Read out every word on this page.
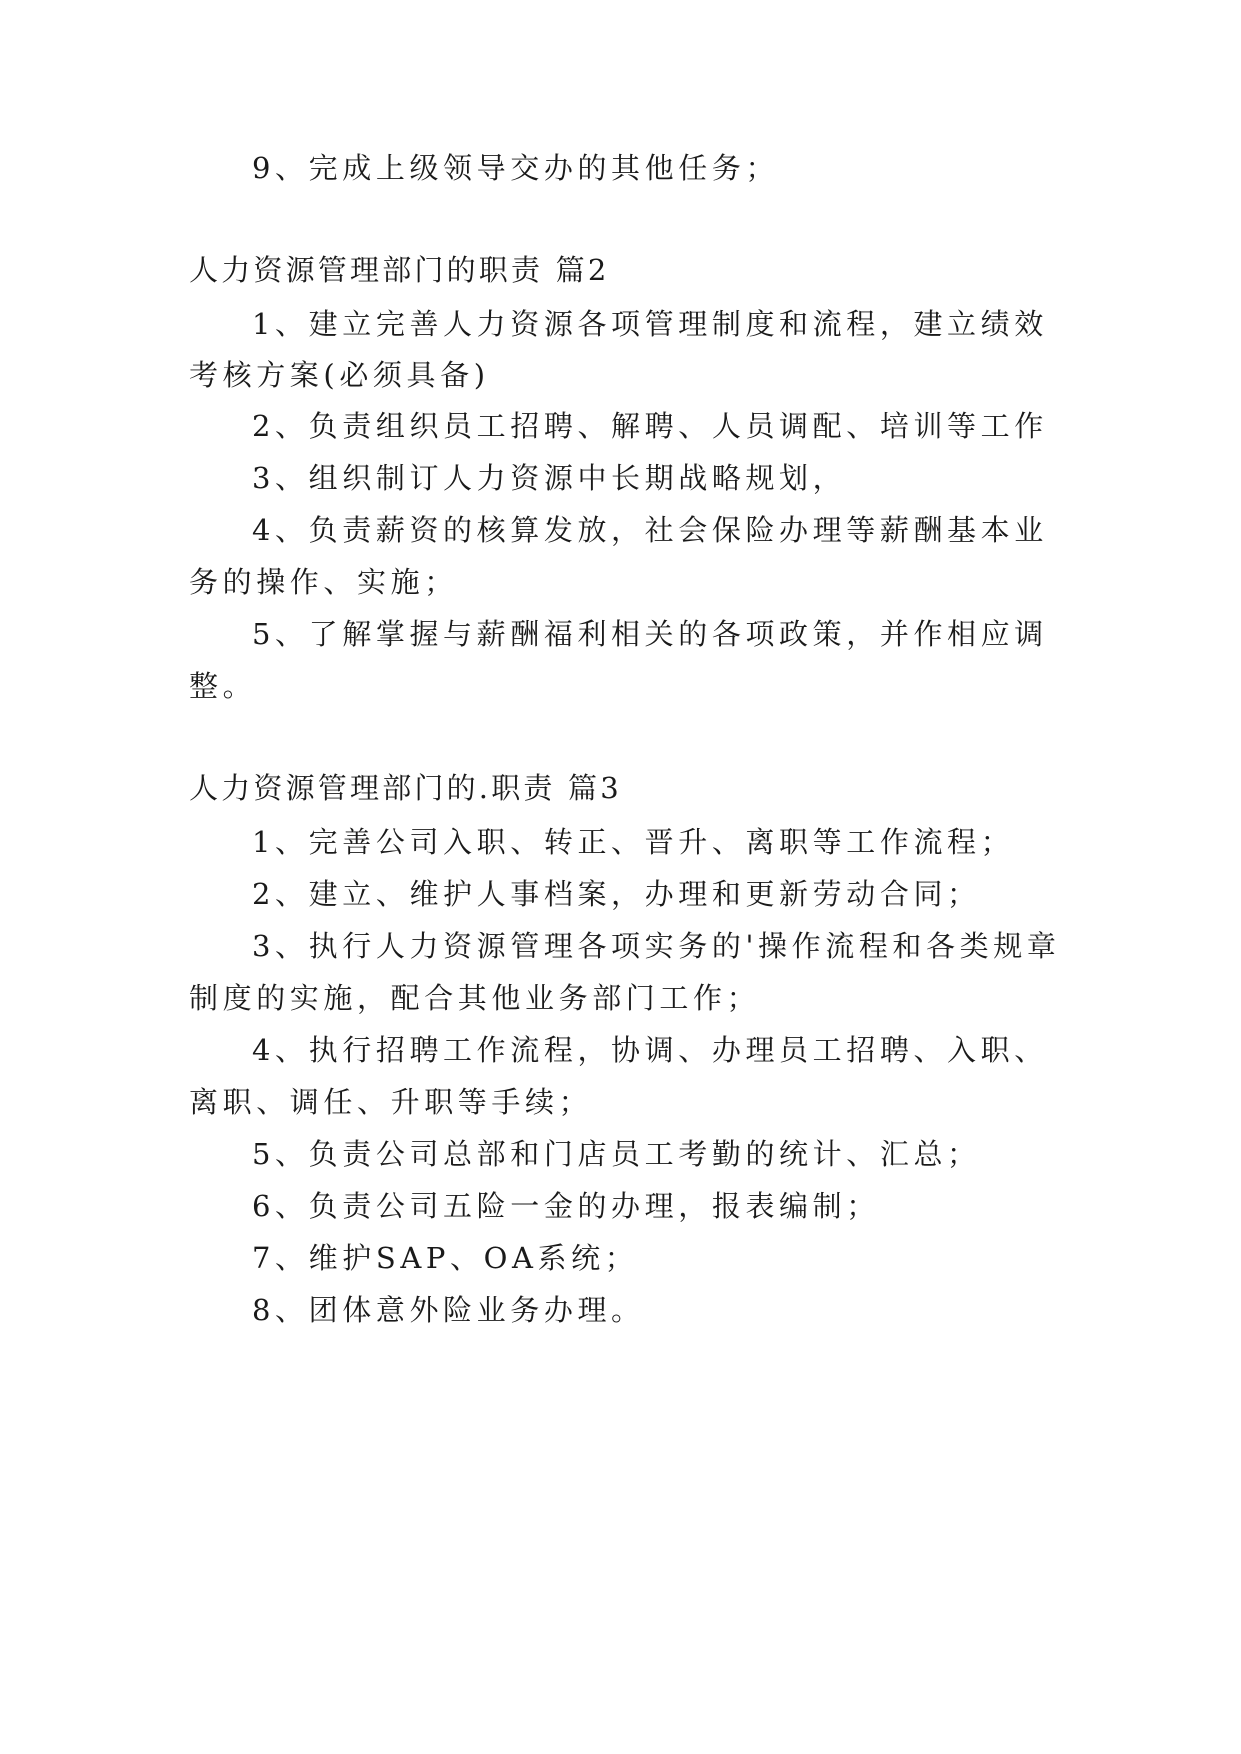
9、完成上级领导交办的其他任务；

人力资源管理部门的职责 篇2

1、建立完善人力资源各项管理制度和流程，建立绩效

考核方案(必须具备)

2、负责组织员工招聘、解聘、人员调配、培训等工作

3、组织制订人力资源中长期战略规划，

4、负责薪资的核算发放，社会保险办理等薪酬基本业

务的操作、实施；

5、了解掌握与薪酬福利相关的各项政策，并作相应调

整。

人力资源管理部门的.职责 篇3

1、完善公司入职、转正、晋升、离职等工作流程；

2、建立、维护人事档案，办理和更新劳动合同；

3、执行人力资源管理各项实务的'操作流程和各类规章

制度的实施，配合其他业务部门工作；

4、执行招聘工作流程，协调、办理员工招聘、入职、

离职、调任、升职等手续；

5、负责公司总部和门店员工考勤的统计、汇总；

6、负责公司五险一金的办理，报表编制；

7、维护SAP、OA系统；

8、团体意外险业务办理。
